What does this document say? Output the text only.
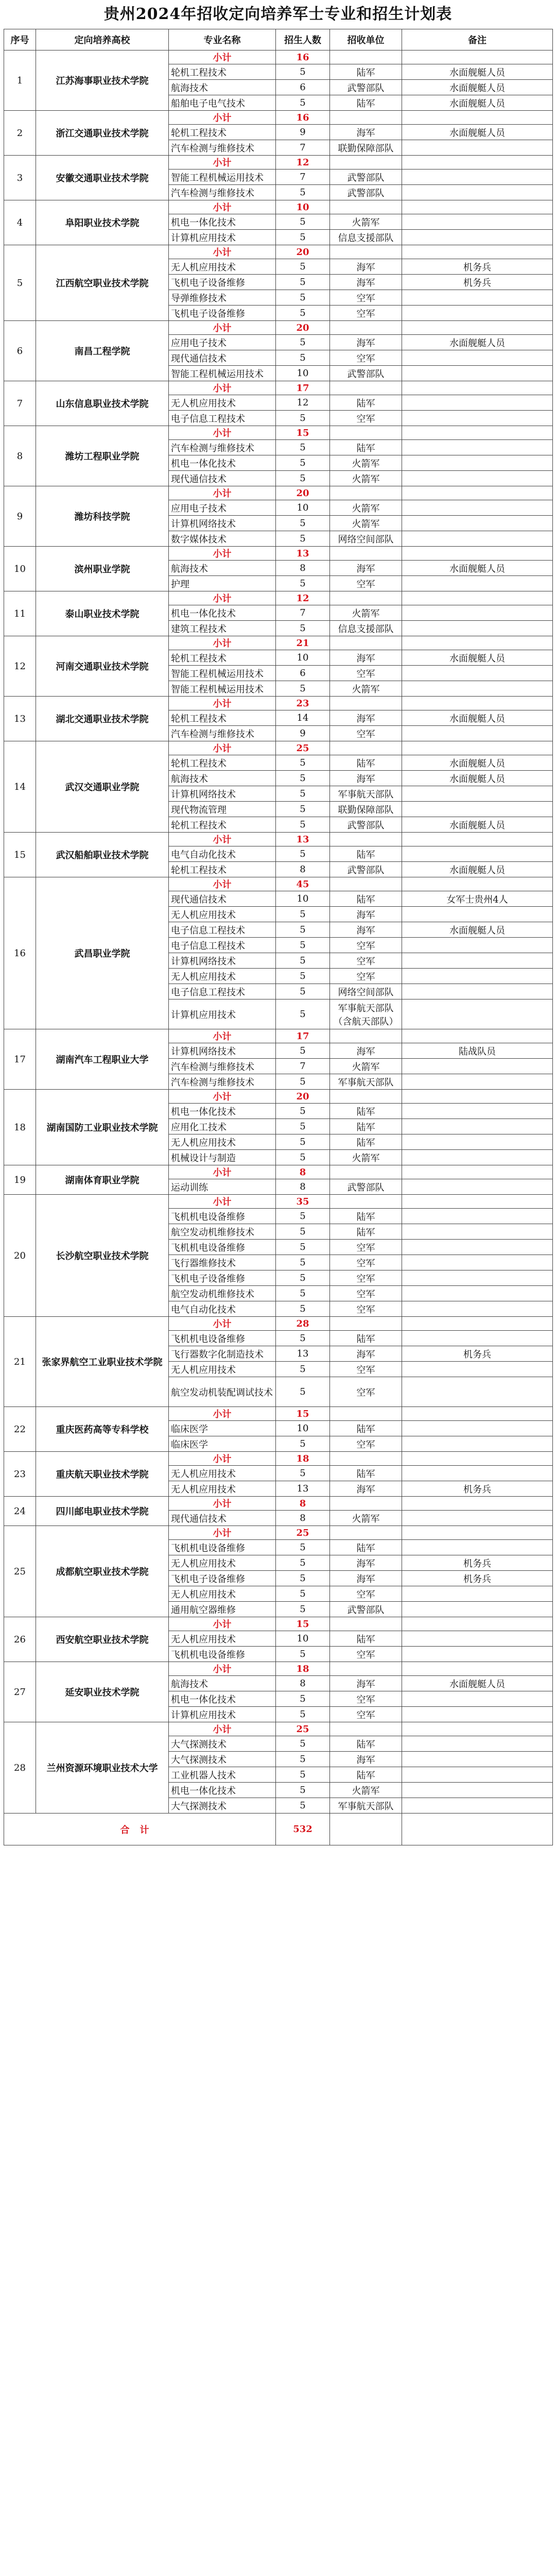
贵州2024年招收定向培养军士专业和招生计划表
序号	定向培养高校	专业名称	招生人数	招收单位	备注
1	江苏海事职业技术学院	小计	16		
		轮机工程技术	5	陆军	水面舰艇人员
		航海技术	6	武警部队	水面舰艇人员
		船舶电子电气技术	5	陆军	水面舰艇人员
2	浙江交通职业技术学院	小计	16		
		轮机工程技术	9	海军	水面舰艇人员
		汽车检测与维修技术	7	联勤保障部队	
3	安徽交通职业技术学院	小计	12		
		智能工程机械运用技术	7	武警部队	
		汽车检测与维修技术	5	武警部队	
4	阜阳职业技术学院	小计	10		
		机电一体化技术	5	火箭军	
		计算机应用技术	5	信息支援部队	
5	江西航空职业技术学院	小计	20		
		无人机应用技术	5	海军	机务兵
		飞机电子设备维修	5	海军	机务兵
		导弹维修技术	5	空军	
		飞机电子设备维修	5	空军	
6	南昌工程学院	小计	20		
		应用电子技术	5	海军	水面舰艇人员
		现代通信技术	5	空军	
		智能工程机械运用技术	10	武警部队	
7	山东信息职业技术学院	小计	17		
		无人机应用技术	12	陆军	
		电子信息工程技术	5	空军	
8	潍坊工程职业学院	小计	15		
		汽车检测与维修技术	5	陆军	
		机电一体化技术	5	火箭军	
		现代通信技术	5	火箭军	
9	潍坊科技学院	小计	20		
		应用电子技术	10	火箭军	
		计算机网络技术	5	火箭军	
		数字媒体技术	5	网络空间部队	
10	滨州职业学院	小计	13		
		航海技术	8	海军	水面舰艇人员
		护理	5	空军	
11	泰山职业技术学院	小计	12		
		机电一体化技术	7	火箭军	
		建筑工程技术	5	信息支援部队	
12	河南交通职业技术学院	小计	21		
		轮机工程技术	10	海军	水面舰艇人员
		智能工程机械运用技术	6	空军	
		智能工程机械运用技术	5	火箭军	
13	湖北交通职业技术学院	小计	23		
		轮机工程技术	14	海军	水面舰艇人员
		汽车检测与维修技术	9	空军	
14	武汉交通职业学院	小计	25		
		轮机工程技术	5	陆军	水面舰艇人员
		航海技术	5	海军	水面舰艇人员
		计算机网络技术	5	军事航天部队	
		现代物流管理	5	联勤保障部队	
		轮机工程技术	5	武警部队	水面舰艇人员
15	武汉船舶职业技术学院	小计	13		
		电气自动化技术	5	陆军	
		轮机工程技术	8	武警部队	水面舰艇人员
16	武昌职业学院	小计	45		
		现代通信技术	10	陆军	女军士贵州4人
		无人机应用技术	5	海军	
		电子信息工程技术	5	海军	水面舰艇人员
		电子信息工程技术	5	空军	
		计算机网络技术	5	空军	
		无人机应用技术	5	空军	
		电子信息工程技术	5	网络空间部队	
		计算机应用技术	5	军事航天部队（含航天部队）	
17	湖南汽车工程职业大学	小计	17		
		计算机网络技术	5	海军	陆战队员
		汽车检测与维修技术	7	火箭军	
		汽车检测与维修技术	5	军事航天部队	
18	湖南国防工业职业技术学院	小计	20		
		机电一体化技术	5	陆军	
		应用化工技术	5	陆军	
		无人机应用技术	5	陆军	
		机械设计与制造	5	火箭军	
19	湖南体育职业学院	小计	8		
		运动训练	8	武警部队	
20	长沙航空职业技术学院	小计	35		
		飞机机电设备维修	5	陆军	
		航空发动机维修技术	5	陆军	
		飞机机电设备维修	5	空军	
		飞行器维修技术	5	空军	
		飞机电子设备维修	5	空军	
		航空发动机维修技术	5	空军	
		电气自动化技术	5	空军	
21	张家界航空工业职业技术学院	小计	28		
		飞机机电设备维修	5	陆军	
		飞行器数字化制造技术	13	海军	机务兵
		无人机应用技术	5	空军	
		航空发动机装配调试技术	5	空军	
22	重庆医药高等专科学校	小计	15		
		临床医学	10	陆军	
		临床医学	5	空军	
23	重庆航天职业技术学院	小计	18		
		无人机应用技术	5	陆军	
		无人机应用技术	13	海军	机务兵
24	四川邮电职业技术学院	小计	8		
		现代通信技术	8	火箭军	
25	成都航空职业技术学院	小计	25		
		飞机机电设备维修	5	陆军	
		无人机应用技术	5	海军	机务兵
		飞机电子设备维修	5	海军	机务兵
		无人机应用技术	5	空军	
		通用航空器维修	5	武警部队	
26	西安航空职业技术学院	小计	15		
		无人机应用技术	10	陆军	
		飞机机电设备维修	5	空军	
27	延安职业技术学院	小计	18		
		航海技术	8	海军	水面舰艇人员
		机电一体化技术	5	空军	
		计算机应用技术	5	空军	
28	兰州资源环境职业技术大学	小计	25		
		大气探测技术	5	陆军	
		大气探测技术	5	海军	
		工业机器人技术	5	陆军	
		机电一体化技术	5	火箭军	
		大气探测技术	5	军事航天部队	
合计			532		
